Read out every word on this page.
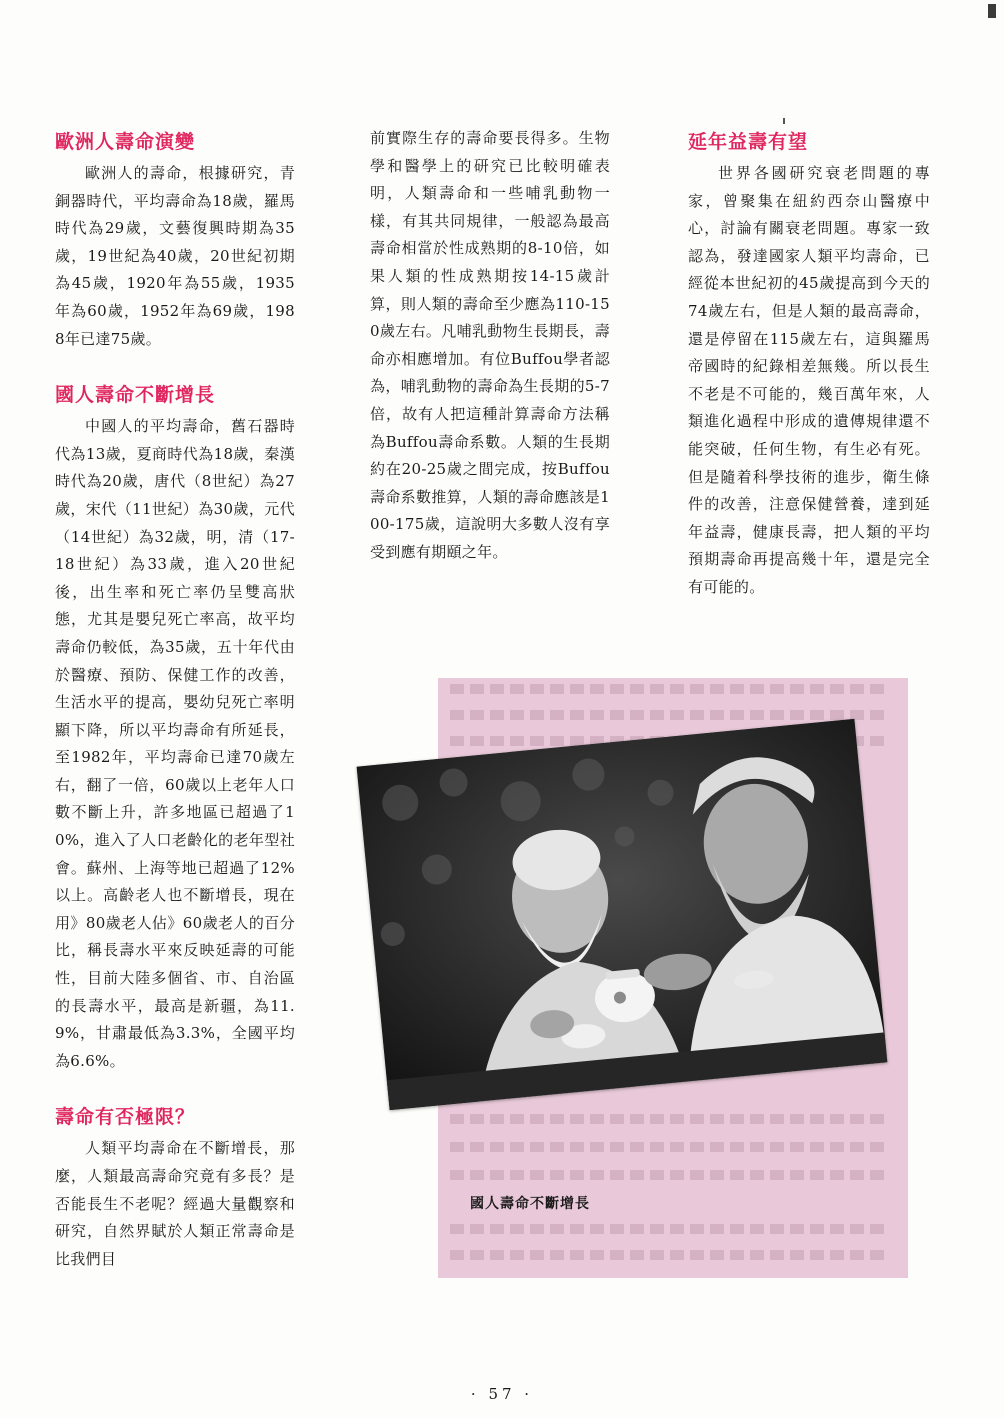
歐洲人壽命演變

歐洲人的壽命，根據研究，青銅器時代，平均壽命為18歲，羅馬時代為29歲，文藝復興時期為35歲，19世紀為40歲，20世紀初期為45歲，1920年為55歲，1935年為60歲，1952年為69歲，1988年已達75歲。

國人壽命不斷增長

中國人的平均壽命，舊石器時代為13歲，夏商時代為18歲，秦漢時代為20歲，唐代（8世紀）為27歲，宋代（11世紀）為30歲，元代（14世紀）為32歲，明，清（17-18世紀）為33歲，進入20世紀後，出生率和死亡率仍呈雙高狀態，尤其是嬰兒死亡率高，故平均壽命仍較低，為35歲，五十年代由於醫療、預防、保健工作的改善，生活水平的提高，嬰幼兒死亡率明顯下降，所以平均壽命有所延長，至1982年，平均壽命已達70歲左右，翻了一倍，60歲以上老年人口數不斷上升，許多地區已超過了10%，進入了人口老齡化的老年型社會。蘇州、上海等地已超過了12%以上。高齡老人也不斷增長，現在用》80歲老人佔》60歲老人的百分比，稱長壽水平來反映延壽的可能性，目前大陸多個省、市、自治區的長壽水平，最高是新疆，為11.9%，甘肅最低為3.3%，全國平均為6.6%。

壽命有否極限？

人類平均壽命在不斷增長，那麼，人類最高壽命究竟有多長？是否能長生不老呢？經過大量觀察和研究，自然界賦於人類正常壽命是比我們目

前實際生存的壽命要長得多。生物學和醫學上的研究已比較明確表明，人類壽命和一些哺乳動物一樣，有其共同規律，一般認為最高壽命相當於性成熟期的8-10倍，如果人類的性成熟期按14-15歲計算，則人類的壽命至少應為110-150歲左右。凡哺乳動物生長期長，壽命亦相應增加。有位Buffou學者認為，哺乳動物的壽命為生長期的5-7倍，故有人把這種計算壽命方法稱為Buffou壽命系數。人類的生長期約在20-25歲之間完成，按Buffou壽命系數推算，人類的壽命應該是100-175歲，這說明大多數人沒有享受到應有期頤之年。

延年益壽有望

世界各國研究衰老問題的專家，曾聚集在紐約西奈山醫療中心，討論有關衰老問題。專家一致認為，發達國家人類平均壽命，已經從本世紀初的45歲提高到今天的74歲左右，但是人類的最高壽命，還是停留在115歲左右，這與羅馬帝國時的紀錄相差無幾。所以長生不老是不可能的，幾百萬年來，人類進化過程中形成的遺傳規律還不能突破，任何生物，有生必有死。但是隨着科學技術的進步，衛生條件的改善，注意保健營養，達到延年益壽，健康長壽，把人類的平均預期壽命再提高幾十年，還是完全有可能的。

國人壽命不斷增長
· 57 ·
